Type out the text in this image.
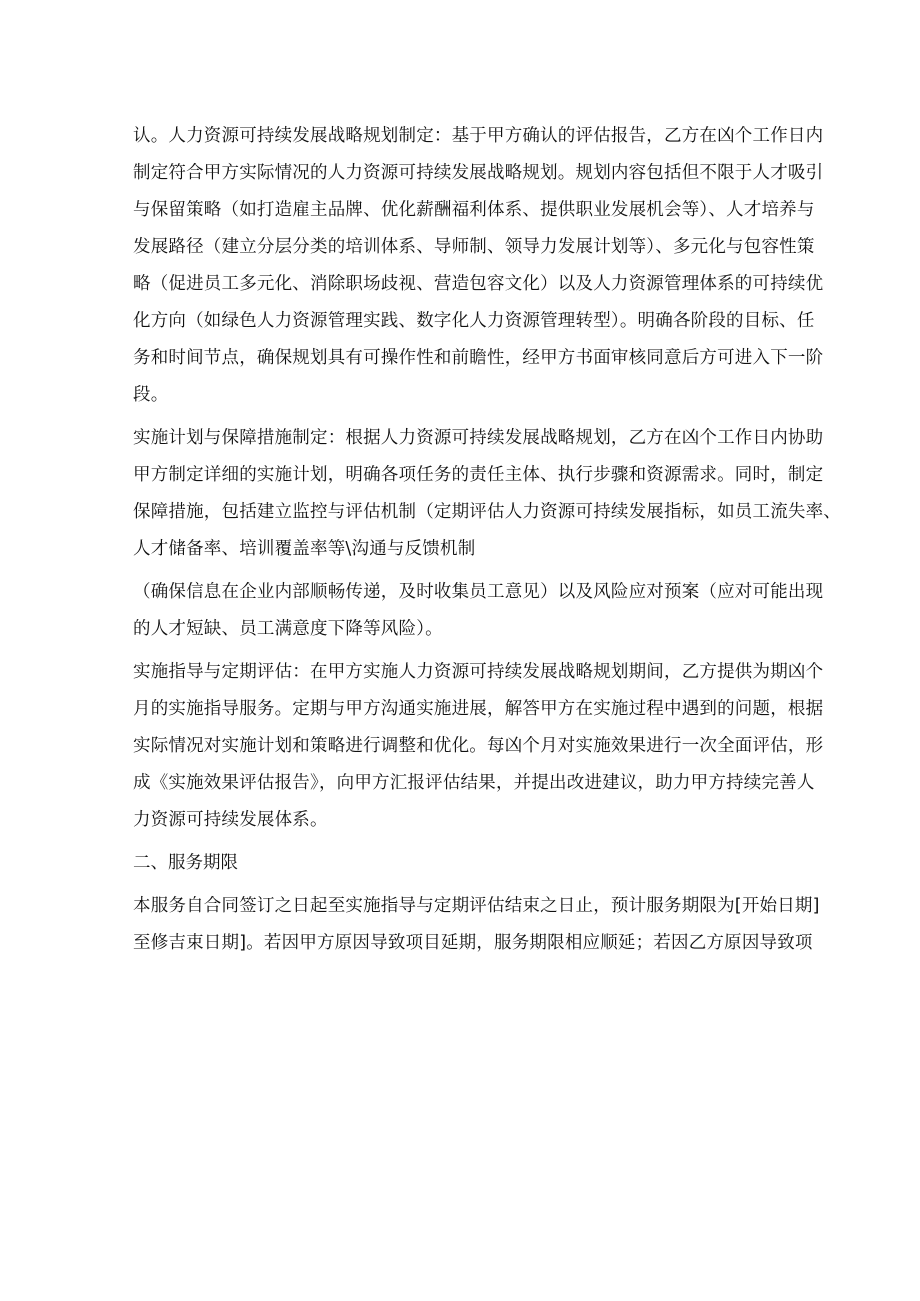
认。人力资源可持续发展战略规划制定：基于甲方确认的评估报告，乙方在凶个工作日内
制定符合甲方实际情况的人力资源可持续发展战略规划。规划内容包括但不限于人才吸引
与保留策略（如打造雇主品牌、优化薪酬福利体系、提供职业发展机会等）、人才培养与
发展路径（建立分层分类的培训体系、导师制、领导力发展计划等）、多元化与包容性策
略（促进员工多元化、消除职场歧视、营造包容文化）以及人力资源管理体系的可持续优
化方向（如绿色人力资源管理实践、数字化人力资源管理转型）。明确各阶段的目标、任
务和时间节点，确保规划具有可操作性和前瞻性，经甲方书面审核同意后方可进入下一阶
段。

实施计划与保障措施制定：根据人力资源可持续发展战略规划，乙方在凶个工作日内协助
甲方制定详细的实施计划，明确各项任务的责任主体、执行步骤和资源需求。同时，制定
保障措施，包括建立监控与评估机制（定期评估人力资源可持续发展指标，如员工流失率、
人才储备率、培训覆盖率等\沟通与反馈机制

（确保信息在企业内部顺畅传递，及时收集员工意见）以及风险应对预案（应对可能出现
的人才短缺、员工满意度下降等风险）。

实施指导与定期评估：在甲方实施人力资源可持续发展战略规划期间，乙方提供为期凶个
月的实施指导服务。定期与甲方沟通实施进展，解答甲方在实施过程中遇到的问题，根据
实际情况对实施计划和策略进行调整和优化。每凶个月对实施效果进行一次全面评估，形
成《实施效果评估报告》，向甲方汇报评估结果，并提出改进建议，助力甲方持续完善人
力资源可持续发展体系。

二、服务期限

本服务自合同签订之日起至实施指导与定期评估结束之日止，预计服务期限为[开始日期]
至修吉束日期]。若因甲方原因导致项目延期，服务期限相应顺延；若因乙方原因导致项
